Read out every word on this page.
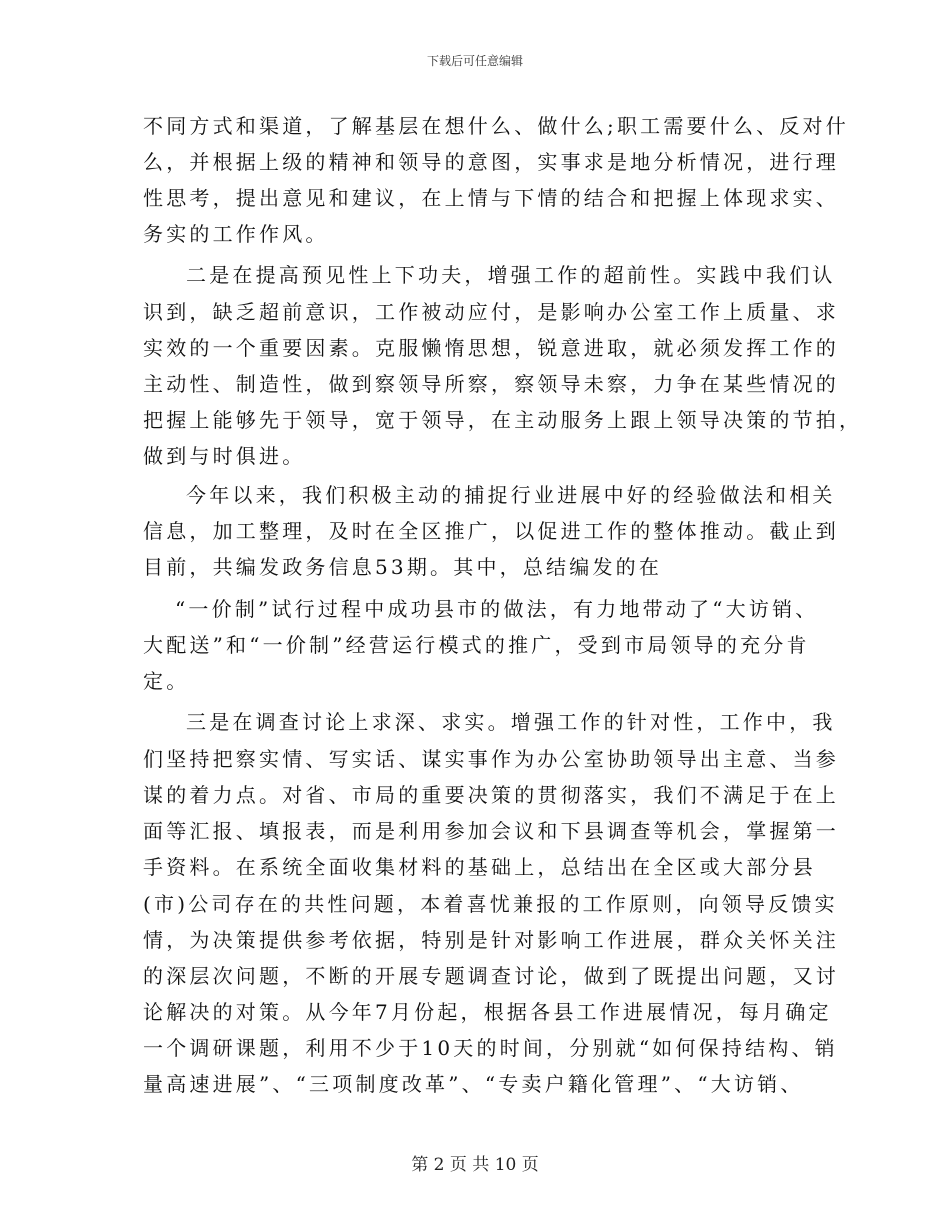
下载后可任意编辑
不同方式和渠道，了解基层在想什么、做什么;职工需要什么、反对什
么，并根据上级的精神和领导的意图，实事求是地分析情况，进行理
性思考，提出意见和建议，在上情与下情的结合和把握上体现求实、
务实的工作作风。
二是在提高预见性上下功夫，增强工作的超前性。实践中我们认
识到，缺乏超前意识，工作被动应付，是影响办公室工作上质量、求
实效的一个重要因素。克服懒惰思想，锐意进取，就必须发挥工作的
主动性、制造性，做到察领导所察，察领导未察，力争在某些情况的
把握上能够先于领导，宽于领导，在主动服务上跟上领导决策的节拍，
做到与时俱进。
今年以来，我们积极主动的捕捉行业进展中好的经验做法和相关
信息，加工整理，及时在全区推广，以促进工作的整体推动。截止到
目前，共编发政务信息53期。其中，总结编发的在
“一价制”试行过程中成功县市的做法，有力地带动了“大访销、
大配送”和“一价制”经营运行模式的推广，受到市局领导的充分肯
定。
三是在调查讨论上求深、求实。增强工作的针对性，工作中，我
们坚持把察实情、写实话、谋实事作为办公室协助领导出主意、当参
谋的着力点。对省、市局的重要决策的贯彻落实，我们不满足于在上
面等汇报、填报表，而是利用参加会议和下县调查等机会，掌握第一
手资料。在系统全面收集材料的基础上，总结出在全区或大部分县
(市)公司存在的共性问题，本着喜忧兼报的工作原则，向领导反馈实
情，为决策提供参考依据，特别是针对影响工作进展，群众关怀关注
的深层次问题，不断的开展专题调查讨论，做到了既提出问题，又讨
论解决的对策。从今年7月份起，根据各县工作进展情况，每月确定
一个调研课题，利用不少于10天的时间，分别就“如何保持结构、销
量高速进展”、“三项制度改革”、“专卖户籍化管理”、“大访销、
第 2 页 共 10 页
